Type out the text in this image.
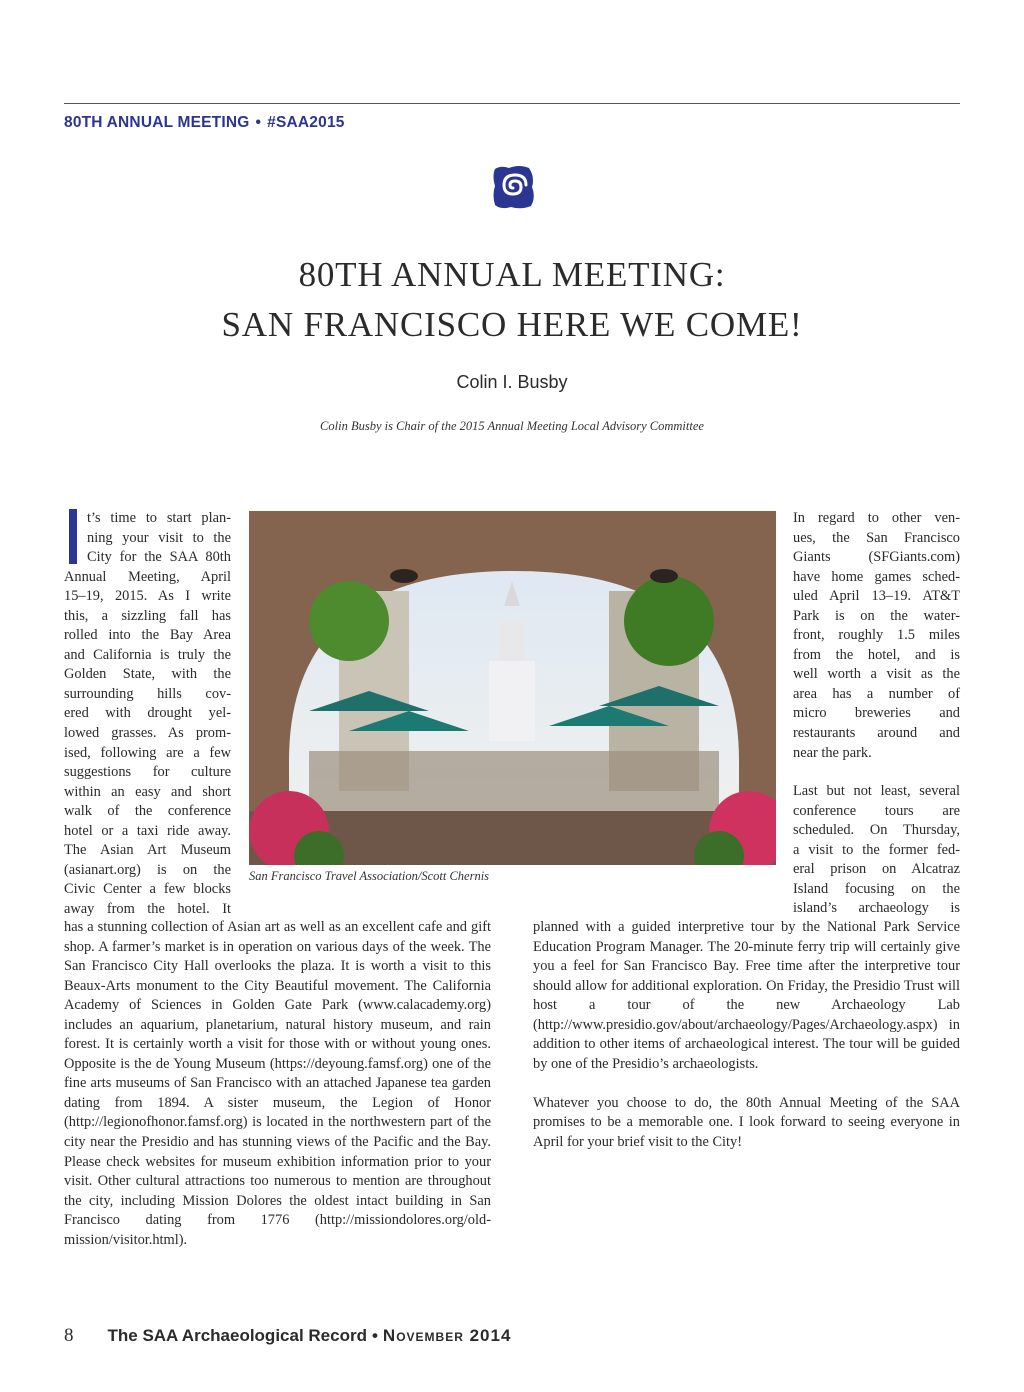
80TH ANNUAL MEETING • #SAA2015
80TH ANNUAL MEETING:
SAN FRANCISCO HERE WE COME!
Colin I. Busby
Colin Busby is Chair of the 2015 Annual Meeting Local Advisory Committee
t’s time to start plan-
ning your visit to the
City for the SAA 80th
Annual Meeting, April
15–19, 2015. As I write
this, a sizzling fall has
rolled into the Bay Area
and California is truly the
Golden State, with the
surrounding hills cov-
ered with drought yel-
lowed grasses. As prom-
ised, following are a few
suggestions for culture
within an easy and short
walk of the conference
hotel or a taxi ride away.
The Asian Art Museum
(asianart.org) is on the
Civic Center a few blocks
away from the hotel. It

has a stunning collection of Asian art as well as an excellent cafe and gift shop. A farmer’s market is in operation on various days of the week. The San Francisco City Hall overlooks the plaza. It is worth a visit to this Beaux-Arts monument to the City Beautiful movement. The California Academy of Sciences in Golden Gate Park (www.calacademy.org) includes an aquarium, planetarium, natural history museum, and rain forest. It is certainly worth a visit for those with or without young ones. Opposite is the de Young Museum (https://deyoung.famsf.org) one of the fine arts museums of San Francisco with an attached Japanese tea garden dating from 1894. A sister museum, the Legion of Honor (http://legionofhonor.famsf.org) is located in the northwestern part of the city near the Presidio and has stunning views of the Pacific and the Bay. Please check websites for museum exhibition information prior to your visit. Other cultural attractions too numerous to mention are throughout the city, including Mission Dolores the oldest intact building in San Francisco dating from 1776 (http://missiondolores.org/old-mission/visitor.html).

San Francisco Travel Association/Scott Chernis
In regard to other ven-
ues, the San Francisco
Giants (SFGiants.com)
have home games sched-
uled April 13–19. AT&T
Park is on the water-
front, roughly 1.5 miles
from the hotel, and is
well worth a visit as the
area has a number of
micro breweries and
restaurants around and
near the park.
Last but not least, several
conference tours are
scheduled. On Thursday,
a visit to the former fed-
eral prison on Alcatraz
Island focusing on the
island’s archaeology is

planned with a guided interpretive tour by the National Park Service Education Program Manager. The 20-minute ferry trip will certainly give you a feel for San Francisco Bay. Free time after the interpretive tour should allow for additional exploration. On Friday, the Presidio Trust will host a tour of the new Archaeology Lab (http://www.presidio.gov/about/archaeology/Pages/Archaeology.aspx) in addition to other items of archaeological interest. The tour will be guided by one of the Presidio’s archaeologists.

Whatever you choose to do, the 80th Annual Meeting of the SAA promises to be a memorable one. I look forward to seeing everyone in April for your brief visit to the City!

8 The SAA Archaeological Record • November 2014
